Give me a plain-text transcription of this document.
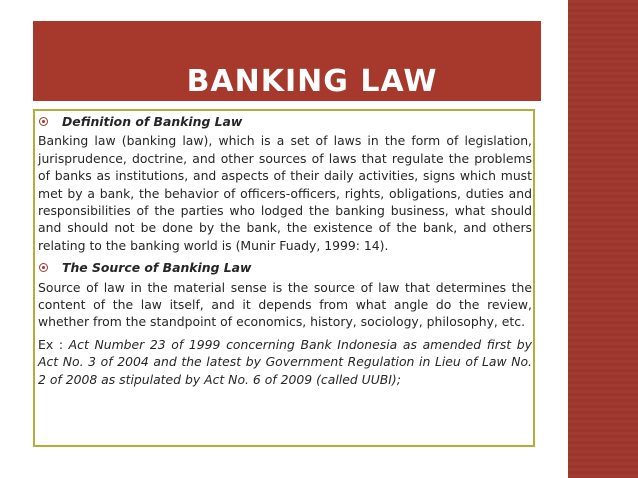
BANKING LAW
Definition of Banking Law

Banking law (banking law), which is a set of laws in the form of legislation, jurisprudence, doctrine, and other sources of laws that regulate the problems of banks as institutions, and aspects of their daily activities, signs which must met by a bank, the behavior of officers-officers, rights, obligations, duties and responsibilities of the parties who lodged the banking business, what should and should not be done by the bank, the existence of the bank, and others relating to the banking world is (Munir Fuady, 1999: 14).

The Source of Banking Law

Source of law in the material sense is the source of law that determines the content of the law itself, and it depends from what angle do the review, whether from the standpoint of economics, history, sociology, philosophy, etc.

Ex : Act Number 23 of 1999 concerning Bank Indonesia as amended first by Act No. 3 of 2004 and the latest by Government Regulation in Lieu of Law No. 2 of 2008 as stipulated by Act No. 6 of 2009 (called UUBI);
